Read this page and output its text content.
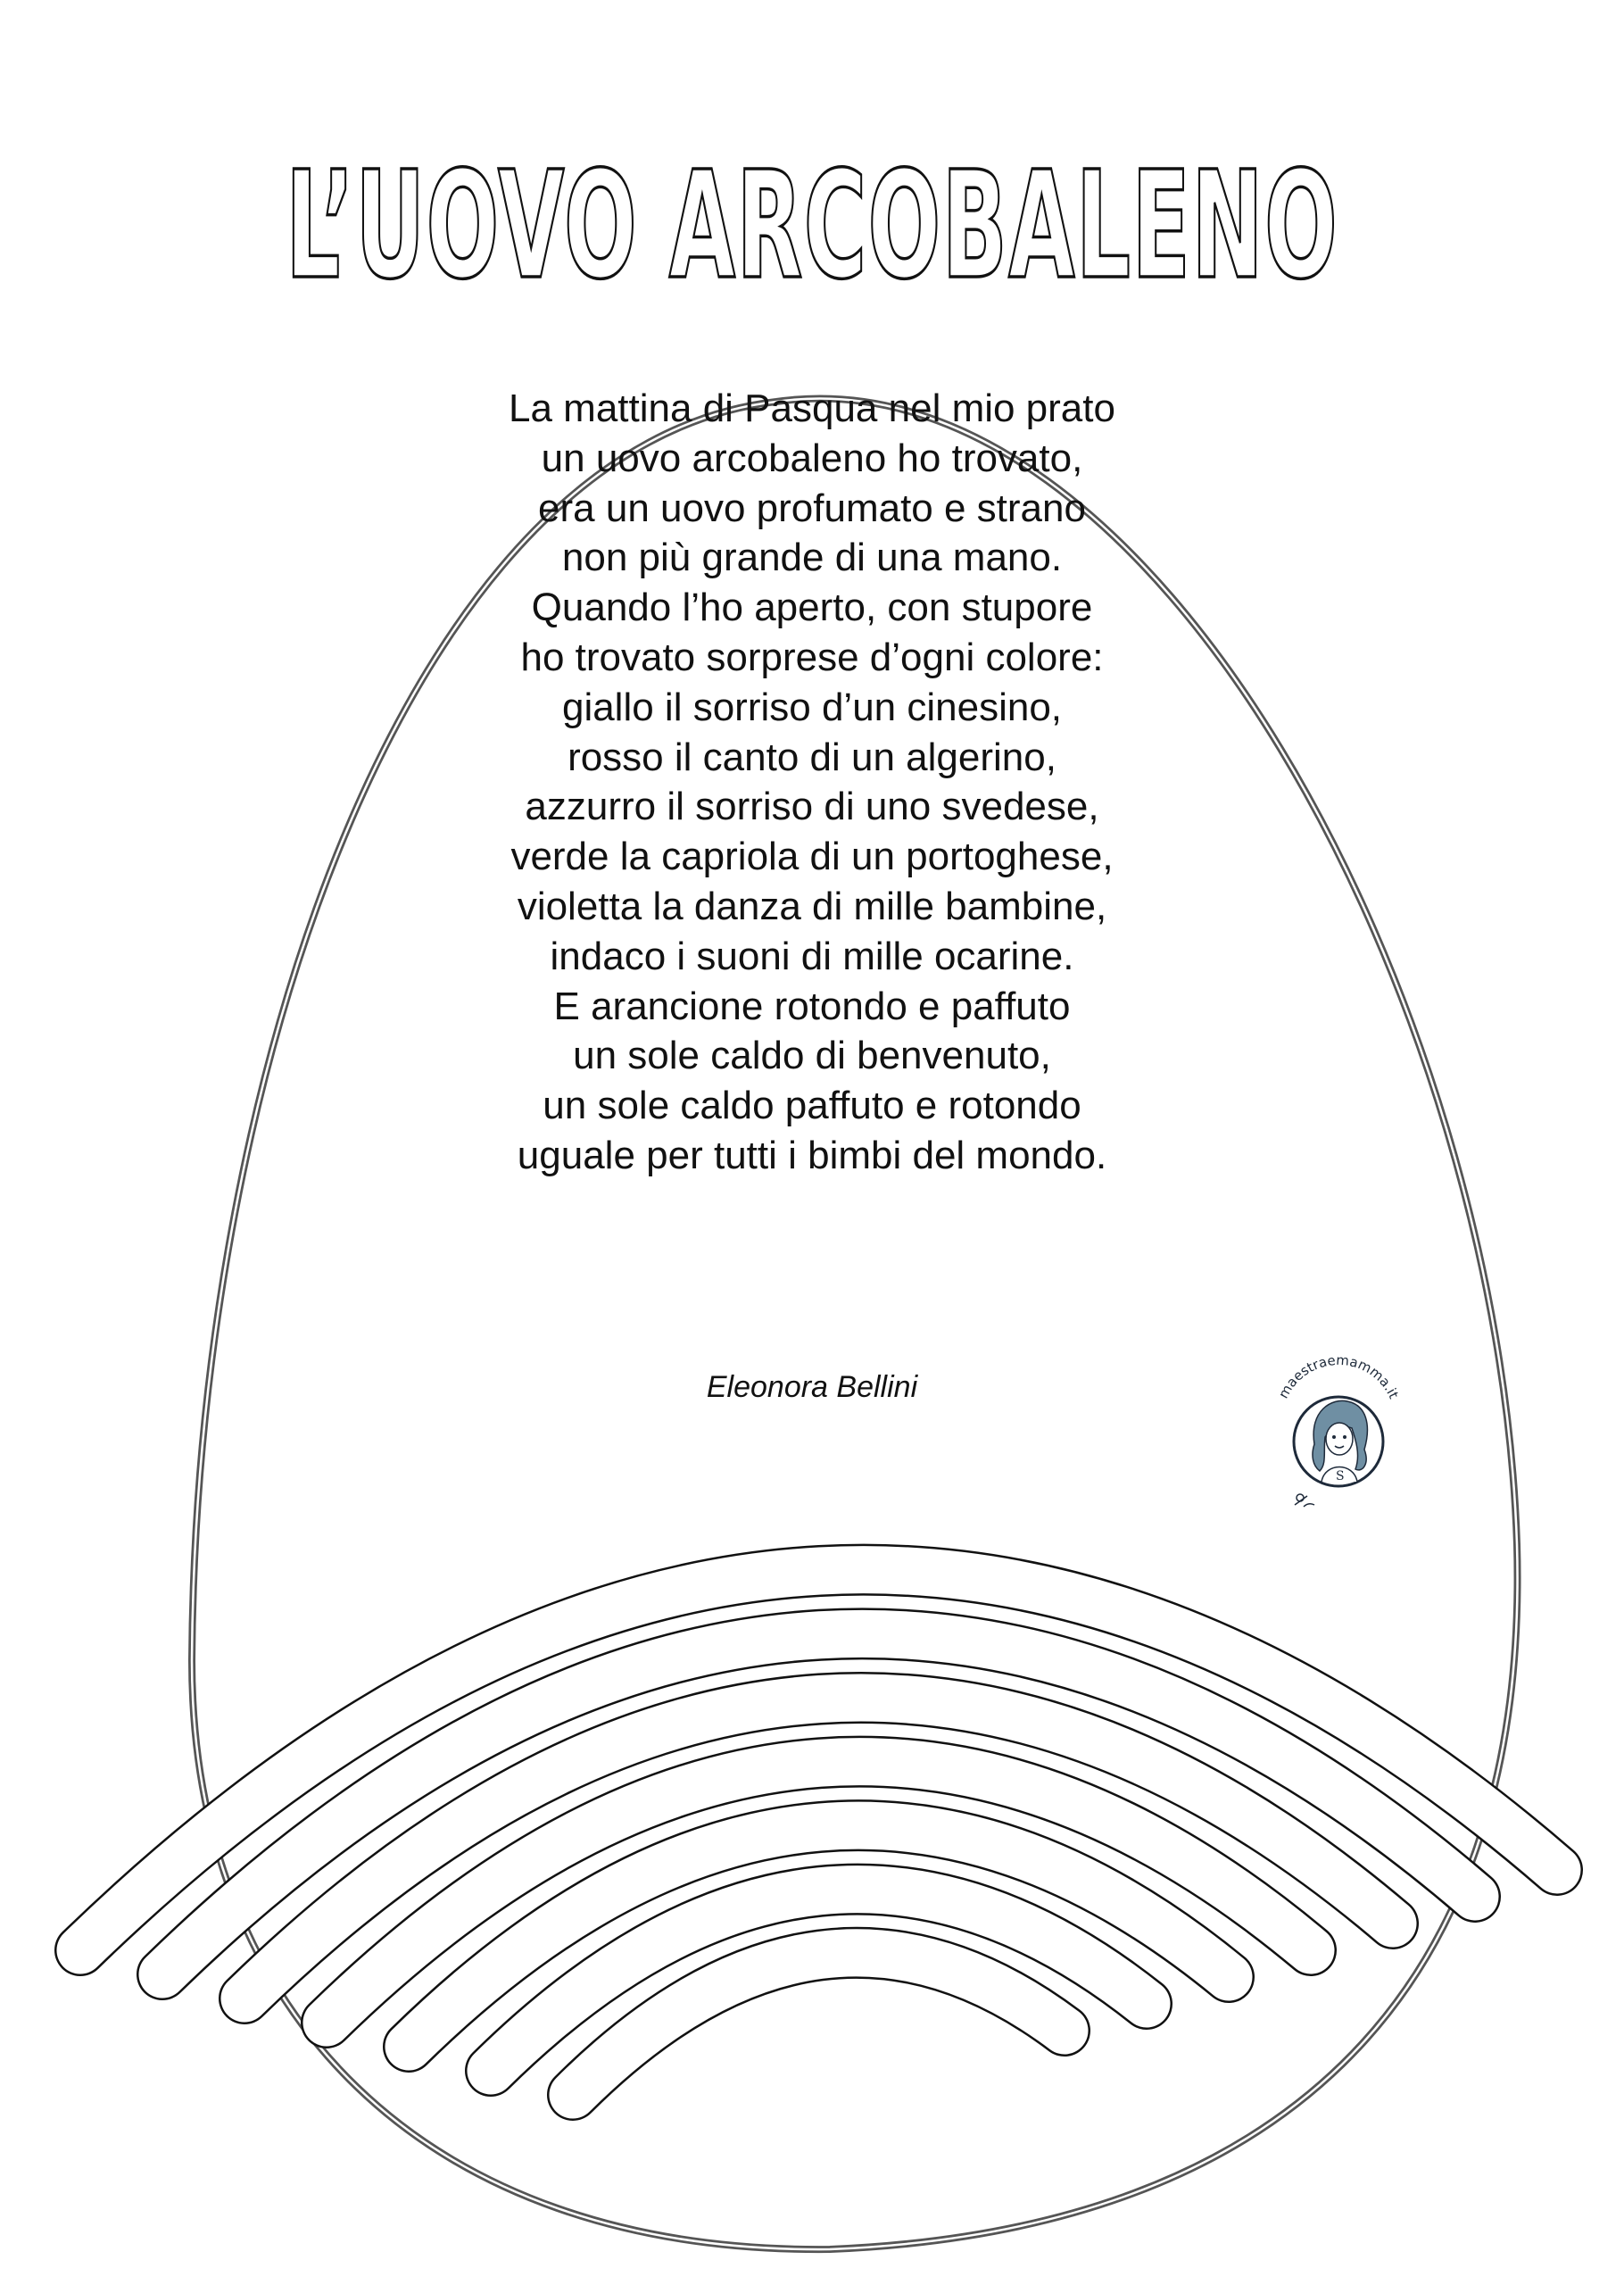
L’UOVO ARCOBALENO
La mattina di Pasqua nel mio prato
un uovo arcobaleno ho trovato,
era un uovo profumato e strano
non più grande di una mano.
Quando l’ho aperto, con stupore
ho trovato sorprese d’ogni colore:
giallo il sorriso d’un cinesino,
rosso il canto di un algerino,
azzurro il sorriso di uno svedese,
verde la capriola di un portoghese,
violetta la danza di mille bambine,
indaco i suoni di mille ocarine.
E arancione rotondo e paffuto
un sole caldo di benvenuto,
un sole caldo paffuto e rotondo
uguale per tutti i bimbi del mondo.
Eleonora Bellini	maestraemamma.it
S
